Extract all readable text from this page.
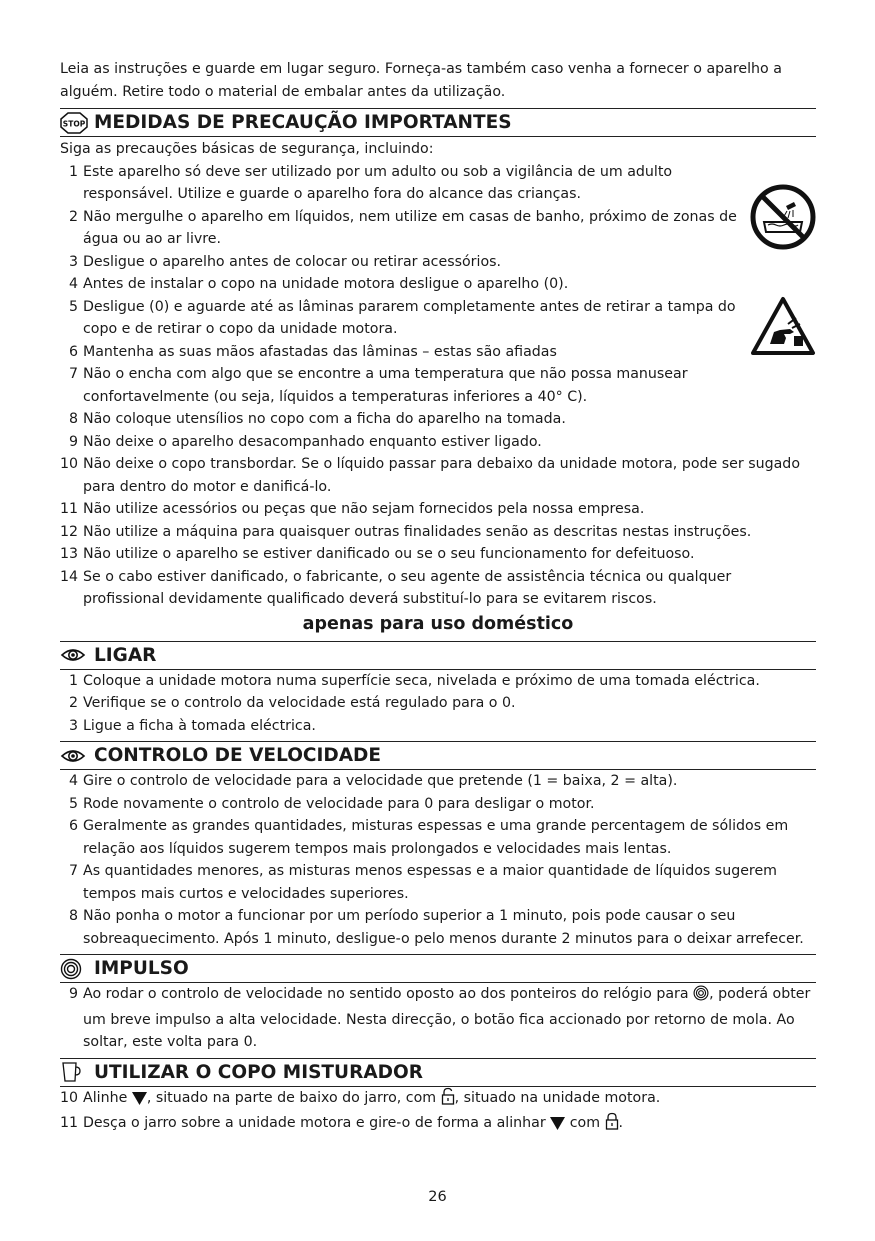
Leia as instruções e guarde em lugar seguro. Forneça-as também caso venha a fornecer o aparelho a alguém. Retire todo o material de embalar antes da utilização.

STOP MEDIDAS DE PRECAUÇÃO IMPORTANTES

Siga as precauções básicas de segurança, incluindo:

1 Este aparelho só deve ser utilizado por um adulto ou sob a vigilância de um adulto responsável. Utilize e guarde o aparelho fora do alcance das crianças.
2 Não mergulhe o aparelho em líquidos, nem utilize em casas de banho, próximo de zonas de água ou ao ar livre.
3 Desligue o aparelho antes de colocar ou retirar acessórios.
4 Antes de instalar o copo na unidade motora desligue o aparelho (0).
5 Desligue (0) e aguarde até as lâminas pararem completamente antes de retirar a tampa do copo e de retirar o copo da unidade motora.
6 Mantenha as suas mãos afastadas das lâminas – estas são afiadas
7 Não o encha com algo que se encontre a uma temperatura que não possa manusear confortavelmente (ou seja, líquidos a temperaturas inferiores a 40° C).
8 Não coloque utensílios no copo com a ficha do aparelho na tomada.
9 Não deixe o aparelho desacompanhado enquanto estiver ligado.
10 Não deixe o copo transbordar. Se o líquido passar para debaixo da unidade motora, pode ser sugado para dentro do motor e danificá-lo.
11 Não utilize acessórios ou peças que não sejam fornecidos pela nossa empresa.
12 Não utilize a máquina para quaisquer outras finalidades senão as descritas nestas instruções.
13 Não utilize o aparelho se estiver danificado ou se o seu funcionamento for defeituoso.
14 Se o cabo estiver danificado, o fabricante, o seu agente de assistência técnica ou qualquer profissional devidamente qualificado deverá substituí-lo para se evitarem riscos.

apenas para uso doméstico

LIGAR
1 Coloque a unidade motora numa superfície seca, nivelada e próximo de uma tomada eléctrica.
2 Verifique se o controlo da velocidade está regulado para o 0.
3 Ligue a ficha à tomada eléctrica.
CONTROLO DE VELOCIDADE
4 Gire o controlo de velocidade para a velocidade que pretende (1 = baixa, 2 = alta).
5 Rode novamente o controlo de velocidade para 0 para desligar o motor.
6 Geralmente as grandes quantidades, misturas espessas e uma grande percentagem de sólidos em relação aos líquidos sugerem tempos mais prolongados e velocidades mais lentas.
7 As quantidades menores, as misturas menos espessas e a maior quantidade de líquidos sugerem tempos mais curtos e velocidades superiores.
8 Não ponha o motor a funcionar por um período superior a 1 minuto, pois pode causar o seu sobreaquecimento. Após 1 minuto, desligue-o pelo menos durante 2 minutos para o deixar arrefecer.
IMPULSO
9 Ao rodar o controlo de velocidade no sentido oposto ao dos ponteiros do relógio para , poderá obter um breve impulso a alta velocidade. Nesta direcção, o botão fica accionado por retorno de mola. Ao soltar, este volta para 0.
UTILIZAR O COPO MISTURADOR
10 Alinhe , situado na parte de baixo do jarro, com , situado na unidade motora.
11 Desça o jarro sobre a unidade motora e gire-o de forma a alinhar  com .
26
